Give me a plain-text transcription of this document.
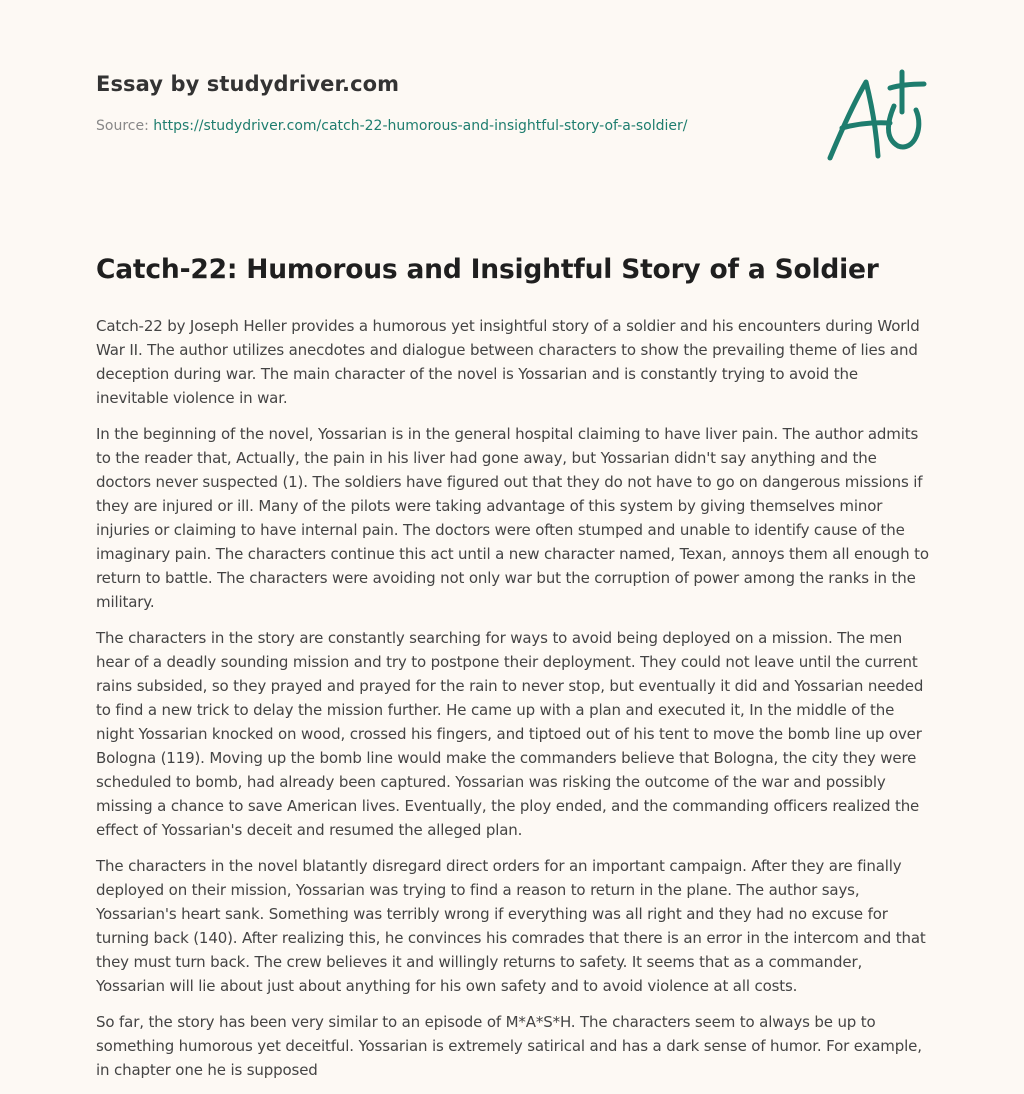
Essay by studydriver.com
Source: https://studydriver.com/catch-22-humorous-and-insightful-story-of-a-soldier/
Catch-22: Humorous and Insightful Story of a Soldier

Catch-22 by Joseph Heller provides a humorous yet insightful story of a soldier and his encounters during World War II. The author utilizes anecdotes and dialogue between characters to show the prevailing theme of lies and deception during war. The main character of the novel is Yossarian and is constantly trying to avoid the inevitable violence in war.

In the beginning of the novel, Yossarian is in the general hospital claiming to have liver pain. The author admits to the reader that, Actually, the pain in his liver had gone away, but Yossarian didn't say anything and the doctors never suspected (1). The soldiers have figured out that they do not have to go on dangerous missions if they are injured or ill. Many of the pilots were taking advantage of this system by giving themselves minor injuries or claiming to have internal pain. The doctors were often stumped and unable to identify cause of the imaginary pain. The characters continue this act until a new character named, Texan, annoys them all enough to return to battle. The characters were avoiding not only war but the corruption of power among the ranks in the military.

The characters in the story are constantly searching for ways to avoid being deployed on a mission. The men hear of a deadly sounding mission and try to postpone their deployment. They could not leave until the current rains subsided, so they prayed and prayed for the rain to never stop, but eventually it did and Yossarian needed to find a new trick to delay the mission further. He came up with a plan and executed it, In the middle of the night Yossarian knocked on wood, crossed his fingers, and tiptoed out of his tent to move the bomb line up over Bologna (119). Moving up the bomb line would make the commanders believe that Bologna, the city they were scheduled to bomb, had already been captured. Yossarian was risking the outcome of the war and possibly missing a chance to save American lives. Eventually, the ploy ended, and the commanding officers realized the effect of Yossarian's deceit and resumed the alleged plan.

The characters in the novel blatantly disregard direct orders for an important campaign. After they are finally deployed on their mission, Yossarian was trying to find a reason to return in the plane. The author says, Yossarian's heart sank. Something was terribly wrong if everything was all right and they had no excuse for turning back (140). After realizing this, he convinces his comrades that there is an error in the intercom and that they must turn back. The crew believes it and willingly returns to safety. It seems that as a commander, Yossarian will lie about just about anything for his own safety and to avoid violence at all costs.

So far, the story has been very similar to an episode of M*A*S*H. The characters seem to always be up to something humorous yet deceitful. Yossarian is extremely satirical and has a dark sense of humor. For example, in chapter one he is supposed
